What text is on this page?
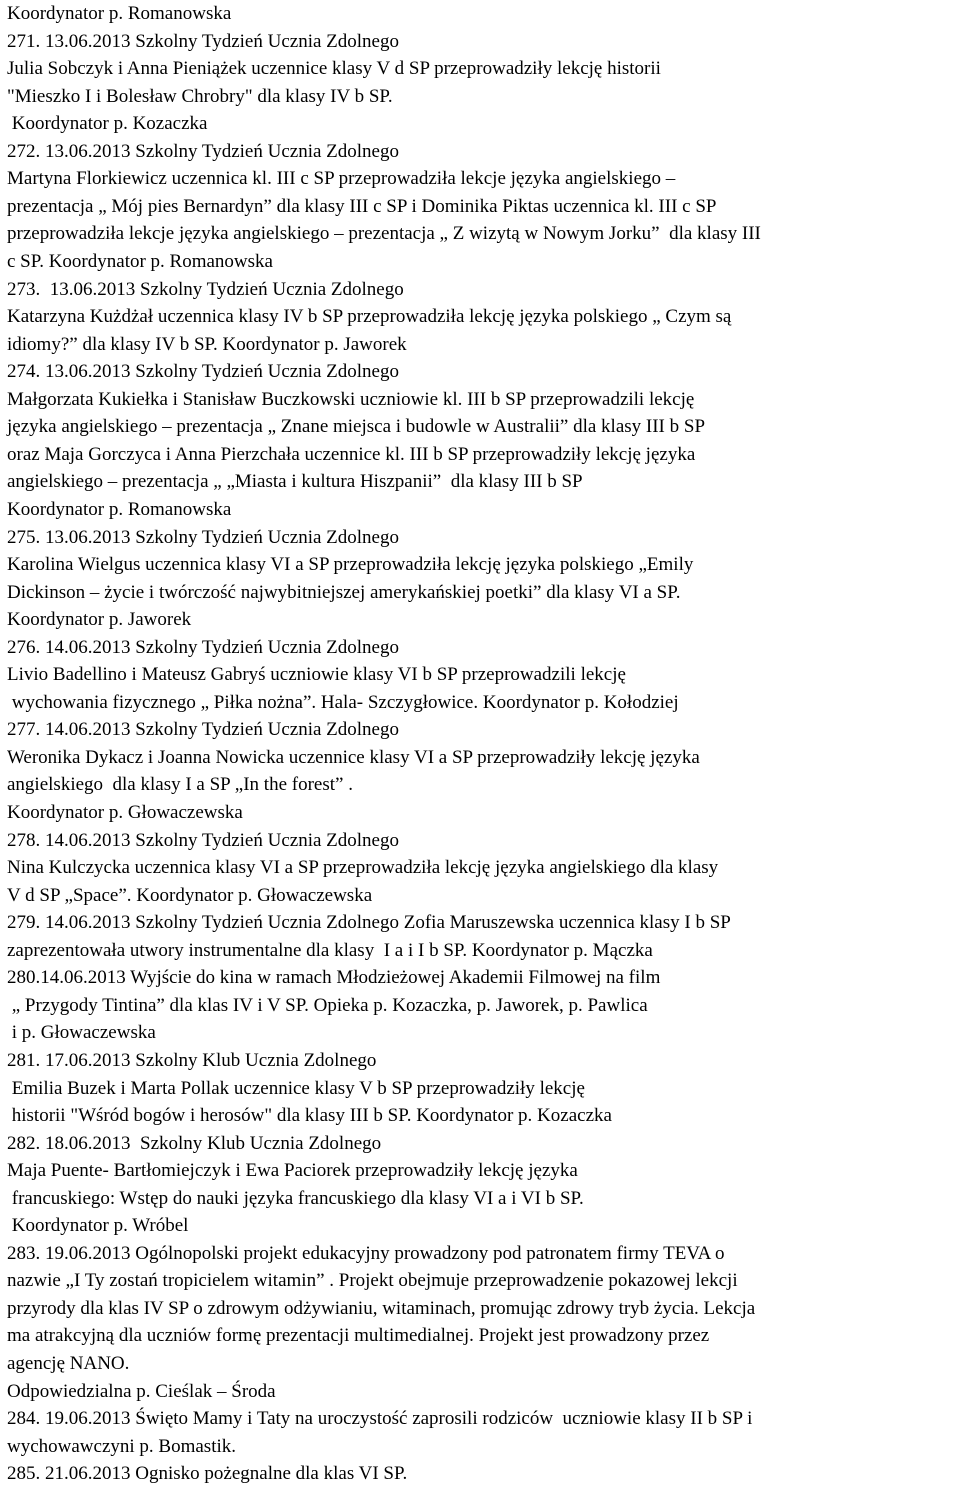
Koordynator p. Romanowska
271. 13.06.2013 Szkolny Tydzień Ucznia Zdolnego
Julia Sobczyk i Anna Pieniążek uczennice klasy V d SP przeprowadziły lekcję historii
"Mieszko I i Bolesław Chrobry" dla klasy IV b SP.
Koordynator p. Kozaczka
272. 13.06.2013 Szkolny Tydzień Ucznia Zdolnego
Martyna Florkiewicz uczennica kl. III c SP przeprowadziła lekcje języka angielskiego –
prezentacja „ Mój pies Bernardyn” dla klasy III c SP i Dominika Piktas uczennica kl. III c SP
przeprowadziła lekcje języka angielskiego – prezentacja „ Z wizytą w Nowym Jorku”  dla klasy III
c SP. Koordynator p. Romanowska
273.  13.06.2013 Szkolny Tydzień Ucznia Zdolnego
Katarzyna Kużdżał uczennica klasy IV b SP przeprowadziła lekcję języka polskiego „ Czym są
idiomy?” dla klasy IV b SP. Koordynator p. Jaworek
274. 13.06.2013 Szkolny Tydzień Ucznia Zdolnego
Małgorzata Kukiełka i Stanisław Buczkowski uczniowie kl. III b SP przeprowadzili lekcję
języka angielskiego – prezentacja „ Znane miejsca i budowle w Australii” dla klasy III b SP
oraz Maja Gorczyca i Anna Pierzchała uczennice kl. III b SP przeprowadziły lekcję języka
angielskiego – prezentacja „ „Miasta i kultura Hiszpanii”  dla klasy III b SP
Koordynator p. Romanowska
275. 13.06.2013 Szkolny Tydzień Ucznia Zdolnego
Karolina Wielgus uczennica klasy VI a SP przeprowadziła lekcję języka polskiego „Emily
Dickinson – życie i twórczość najwybitniejszej amerykańskiej poetki” dla klasy VI a SP.
Koordynator p. Jaworek
276. 14.06.2013 Szkolny Tydzień Ucznia Zdolnego
Livio Badellino i Mateusz Gabryś uczniowie klasy VI b SP przeprowadzili lekcję
wychowania fizycznego „ Piłka nożna”. Hala- Szczygłowice. Koordynator p. Kołodziej
277. 14.06.2013 Szkolny Tydzień Ucznia Zdolnego
Weronika Dykacz i Joanna Nowicka uczennice klasy VI a SP przeprowadziły lekcję języka
angielskiego  dla klasy I a SP „In the forest” .
Koordynator p. Głowaczewska
278. 14.06.2013 Szkolny Tydzień Ucznia Zdolnego
Nina Kulczycka uczennica klasy VI a SP przeprowadziła lekcję języka angielskiego dla klasy
V d SP „Space”. Koordynator p. Głowaczewska
279. 14.06.2013 Szkolny Tydzień Ucznia Zdolnego Zofia Maruszewska uczennica klasy I b SP
zaprezentowała utwory instrumentalne dla klasy  I a i I b SP. Koordynator p. Mączka
280.14.06.2013 Wyjście do kina w ramach Młodzieżowej Akademii Filmowej na film
„ Przygody Tintina” dla klas IV i V SP. Opieka p. Kozaczka, p. Jaworek, p. Pawlica
i p. Głowaczewska
281. 17.06.2013 Szkolny Klub Ucznia Zdolnego
Emilia Buzek i Marta Pollak uczennice klasy V b SP przeprowadziły lekcję
historii "Wśród bogów i herosów" dla klasy III b SP. Koordynator p. Kozaczka
282. 18.06.2013  Szkolny Klub Ucznia Zdolnego
Maja Puente- Bartłomiejczyk i Ewa Paciorek przeprowadziły lekcję języka
francuskiego: Wstęp do nauki języka francuskiego dla klasy VI a i VI b SP.
Koordynator p. Wróbel
283. 19.06.2013 Ogólnopolski projekt edukacyjny prowadzony pod patronatem firmy TEVA o
nazwie „I Ty zostań tropicielem witamin” . Projekt obejmuje przeprowadzenie pokazowej lekcji
przyrody dla klas IV SP o zdrowym odżywianiu, witaminach, promując zdrowy tryb życia. Lekcja
ma atrakcyjną dla uczniów formę prezentacji multimedialnej. Projekt jest prowadzony przez
agencję NANO.
Odpowiedzialna p. Cieślak – Środa
284. 19.06.2013 Święto Mamy i Taty na uroczystość zaprosili rodziców  uczniowie klasy II b SP i
wychowawczyni p. Bomastik.
285. 21.06.2013 Ognisko pożegnalne dla klas VI SP.
